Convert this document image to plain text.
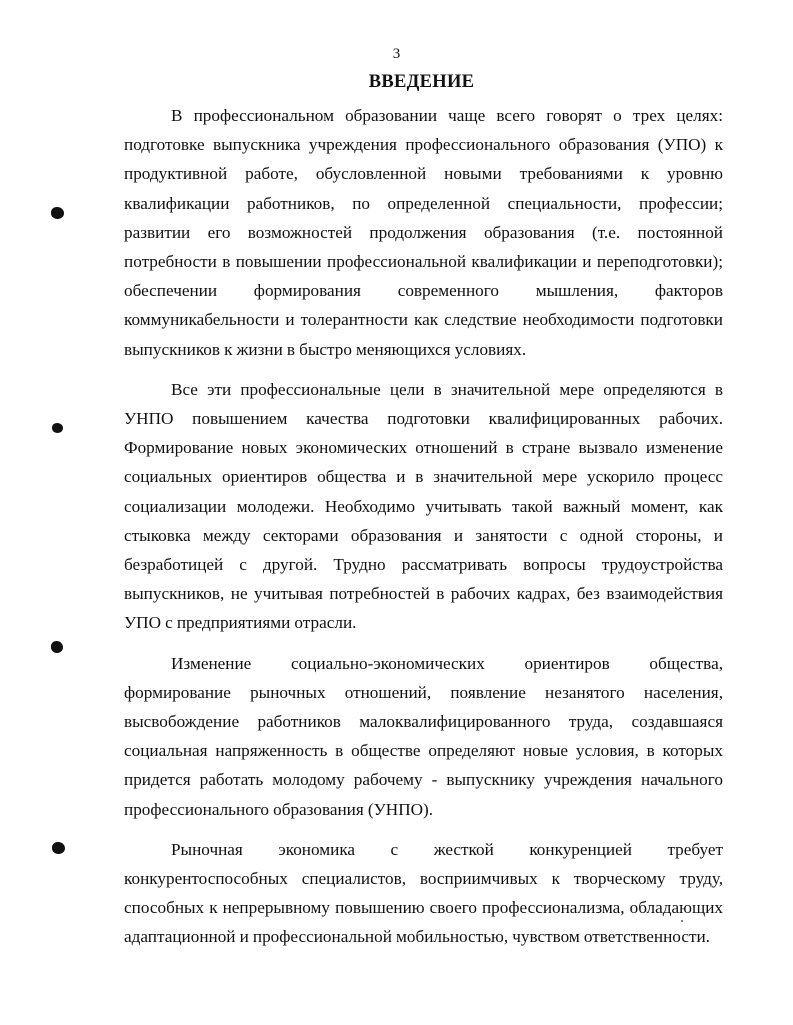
3
ВВЕДЕНИЕ

В профессиональном образовании чаще всего говорят о трех целях: подготовке выпускника учреждения профессионального образования (УПО) к продуктивной работе, обусловленной новыми требованиями к уровню квалификации работников, по определенной специальности, профессии; развитии его возможностей продолжения образования (т.е. постоянной потребности в повышении профессиональной квалификации и переподготовки); обеспечении формирования современного мышления, факторов коммуникабельности и толерантности как следствие необходимости подготовки выпускников к жизни в быстро меняющихся условиях.

Все эти профессиональные цели в значительной мере определяются в УНПО повышением качества подготовки квалифицированных рабочих. Формирование новых экономических отношений в стране вызвало изменение социальных ориентиров общества и в значительной мере ускорило процесс социализации молодежи. Необходимо учитывать такой важный момент, как стыковка между секторами образования и занятости с одной стороны, и безработицей с другой. Трудно рассматривать вопросы трудоустройства выпускников, не учитывая потребностей в рабочих кадрах, без взаимодействия УПО с предприятиями отрасли.

Изменение социально-экономических ориентиров общества, формирование рыночных отношений, появление незанятого населения, высвобождение работников малоквалифицированного труда, создавшаяся социальная напряженность в обществе определяют новые условия, в которых придется работать молодому рабочему - выпускнику учреждения начального профессионального образования (УНПО).

Рыночная экономика с жесткой конкуренцией требует конкурентоспособных специалистов, восприимчивых к творческому труду, способных к непрерывному повышению своего профессионализма, обладающих адаптационной и профессиональной мобильностью, чувством ответственности.
